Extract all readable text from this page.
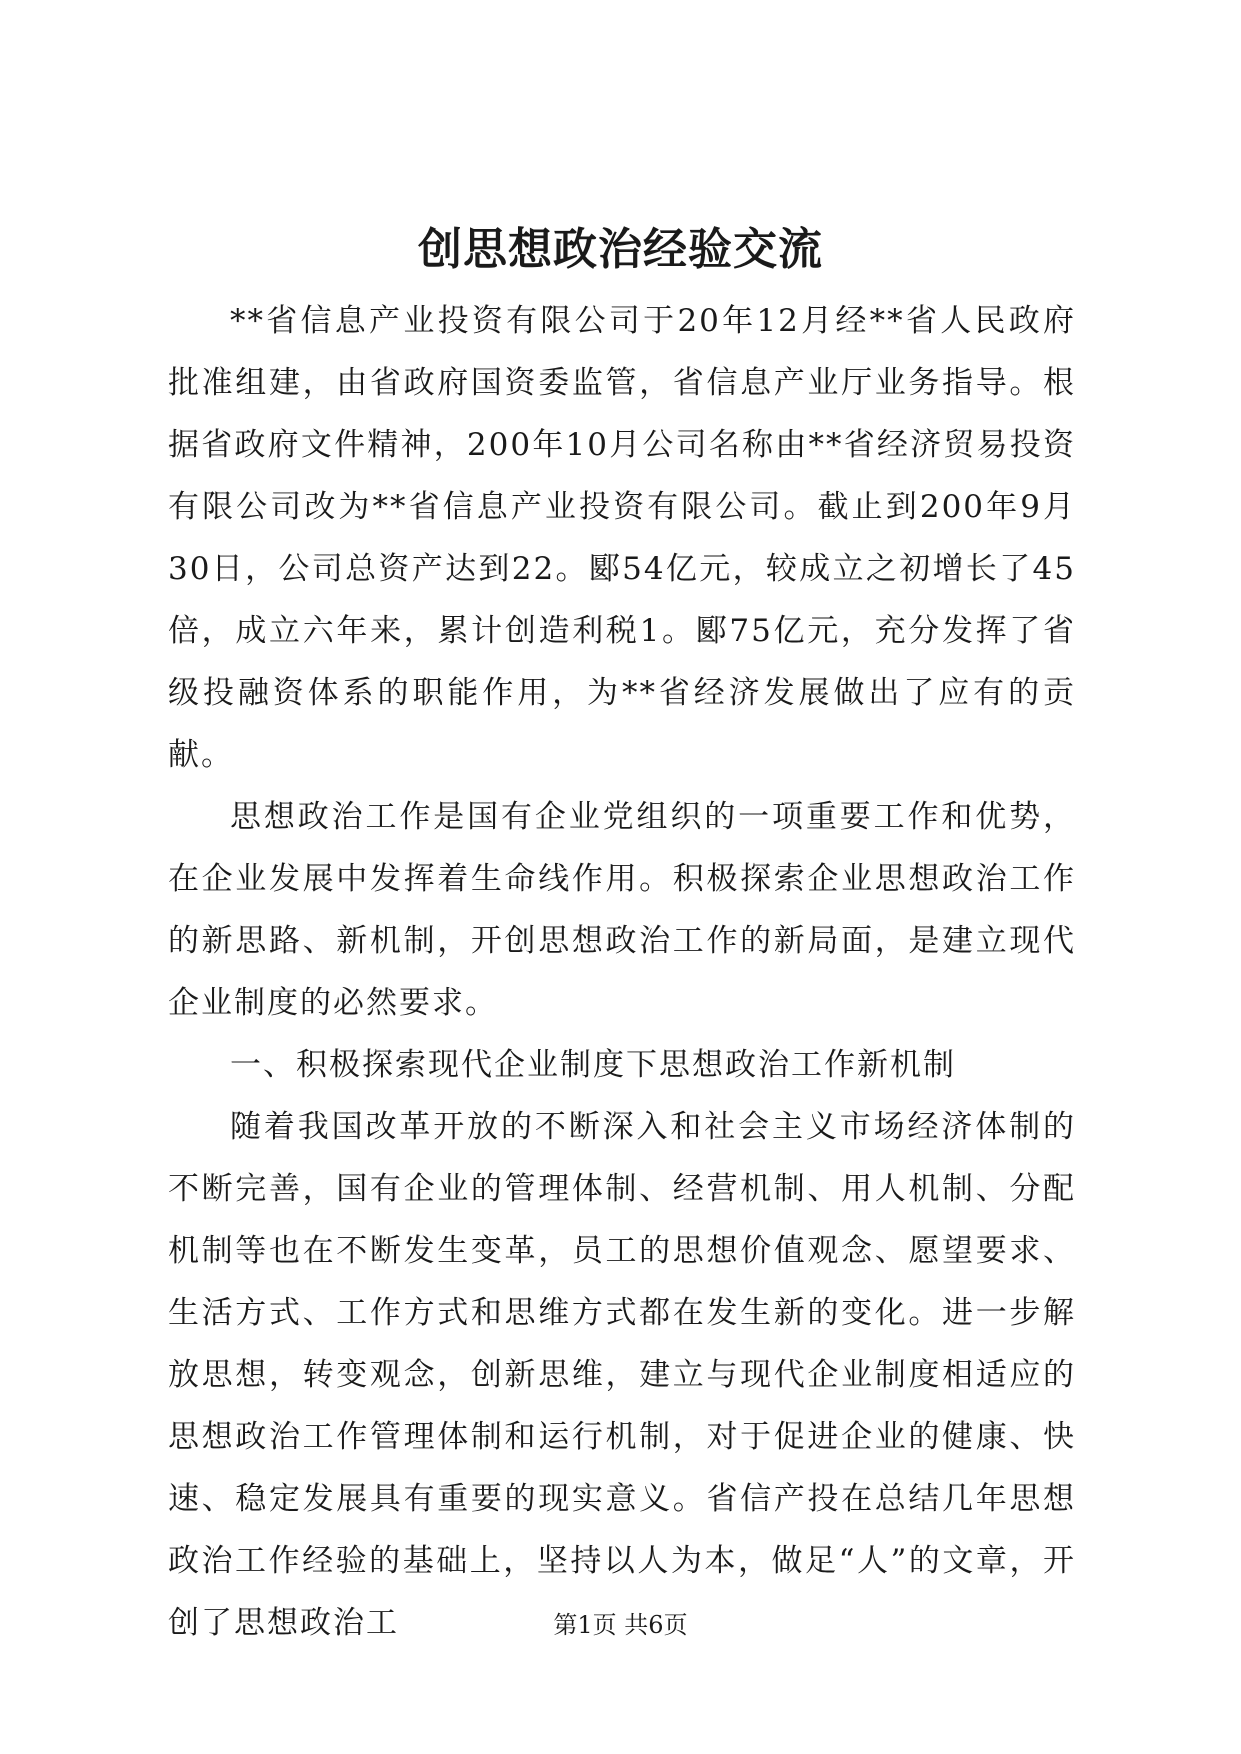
创思想政治经验交流

**省信息产业投资有限公司于20年12月经**省人民政府批准组建，由省政府国资委监管，省信息产业厅业务指导。根据省政府文件精神，200年10月公司名称由**省经济贸易投资有限公司改为**省信息产业投资有限公司。截止到200年9月30日，公司总资产达到22。郾54亿元，较成立之初增长了45倍，成立六年来，累计创造利税1。郾75亿元，充分发挥了省级投融资体系的职能作用，为**省经济发展做出了应有的贡献。

思想政治工作是国有企业党组织的一项重要工作和优势，在企业发展中发挥着生命线作用。积极探索企业思想政治工作的新思路、新机制，开创思想政治工作的新局面，是建立现代企业制度的必然要求。

一、积极探索现代企业制度下思想政治工作新机制

随着我国改革开放的不断深入和社会主义市场经济体制的不断完善，国有企业的管理体制、经营机制、用人机制、分配机制等也在不断发生变革，员工的思想价值观念、愿望要求、生活方式、工作方式和思维方式都在发生新的变化。进一步解放思想，转变观念，创新思维，建立与现代企业制度相适应的思想政治工作管理体制和运行机制，对于促进企业的健康、快速、稳定发展具有重要的现实意义。省信产投在总结几年思想政治工作经验的基础上，坚持以人为本，做足“人”的文章，开创了思想政治工	第1页 共6页
